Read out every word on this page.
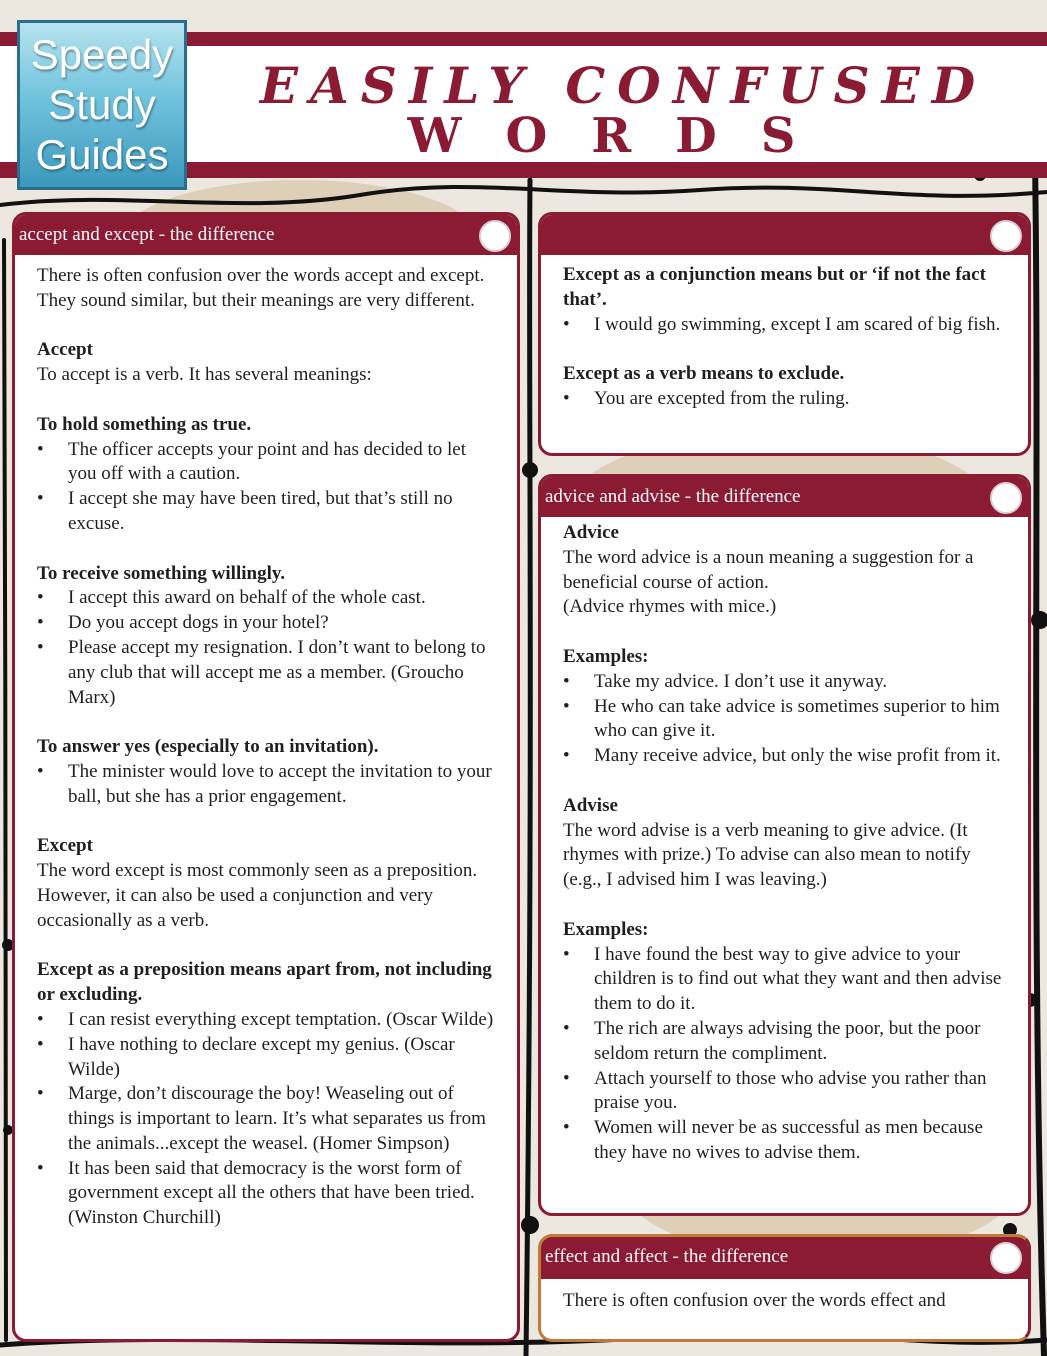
Speedy
Study
Guides
EASILY CONFUSED
WORDS
accept and except - the difference

There is often confusion over the words accept and except. They sound similar, but their meanings are very different.

Accept

To accept is a verb. It has several meanings:

To hold something as true.

• The officer accepts your point and has decided to let you off with a caution.
• I accept she may have been tired, but that’s still no excuse.

To receive something willingly.

• I accept this award on behalf of the whole cast.
• Do you accept dogs in your hotel?
• Please accept my resignation. I don’t want to belong to any club that will accept me as a member. (Groucho Marx)

To answer yes (especially to an invitation).

• The minister would love to accept the invitation to your ball, but she has a prior engagement.

Except

The word except is most commonly seen as a preposition. However, it can also be used a conjunction and very occasionally as a verb.

Except as a preposition means apart from, not including or excluding.

• I can resist everything except temptation. (Oscar Wilde)
• I have nothing to declare except my genius. (Oscar Wilde)
• Marge, don’t discourage the boy! Weaseling out of things is important to learn. It’s what separates us from the animals...except the weasel. (Homer Simpson)
• It has been said that democracy is the worst form of government except all the others that have been tried. (Winston Churchill)

Except as a conjunction means but or ‘if not the fact that’.

• I would go swimming, except I am scared of big fish.

Except as a verb means to exclude.

• You are excepted from the ruling.
advice and advise - the difference

Advice

The word advice is a noun meaning a suggestion for a beneficial course of action.

(Advice rhymes with mice.)

Examples:

• Take my advice. I don’t use it anyway.
• He who can take advice is sometimes superior to him who can give it.
• Many receive advice, but only the wise profit from it.

Advise

The word advise is a verb meaning to give advice. (It rhymes with prize.) To advise can also mean to notify (e.g., I advised him I was leaving.)

Examples:

• I have found the best way to give advice to your children is to find out what they want and then advise them to do it.
• The rich are always advising the poor, but the poor seldom return the compliment.
• Attach yourself to those who advise you rather than praise you.
• Women will never be as successful as men because they have no wives to advise them.
effect and affect - the difference

There is often confusion over the words effect and
